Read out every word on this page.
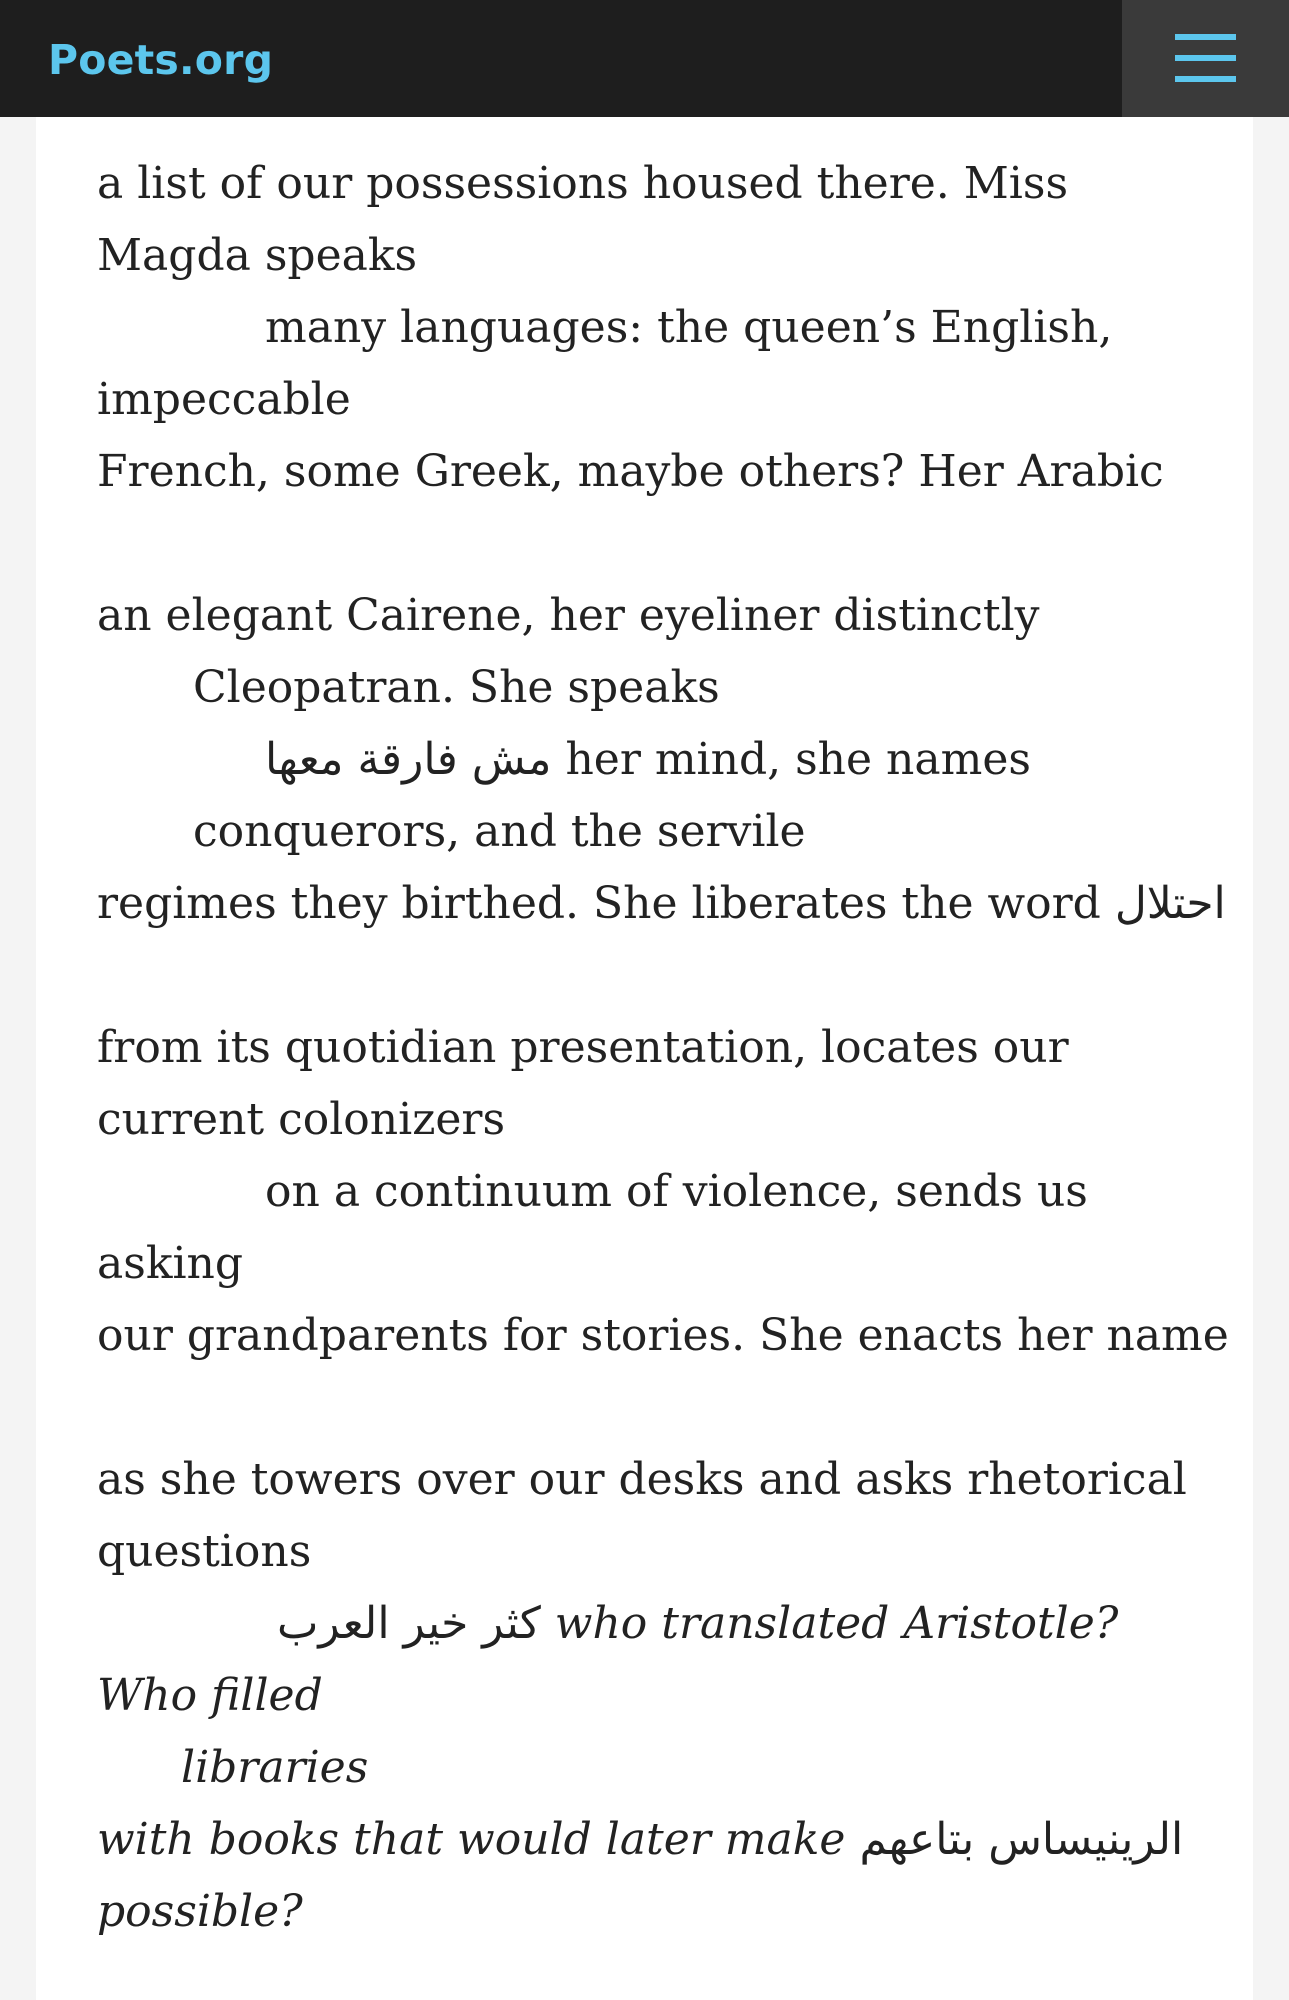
Poets.org
a list of our possessions housed there. Miss
Magda speaks
many languages: the queen’s English,
impeccable
French, some Greek, maybe others? Her Arabic
an elegant Cairene, her eyeliner distinctly
Cleopatran. She speaks
مش فارقة معها her mind, she names
conquerors, and the servile
regimes they birthed. She liberates the word احتلال
from its quotidian presentation, locates our
current colonizers
on a continuum of violence, sends us
asking
our grandparents for stories. She enacts her name
as she towers over our desks and asks rhetorical
questions
كثر خير العرب who translated Aristotle?
Who filled
libraries
with books that would later make الرينيساس بتاعهم
possible?
